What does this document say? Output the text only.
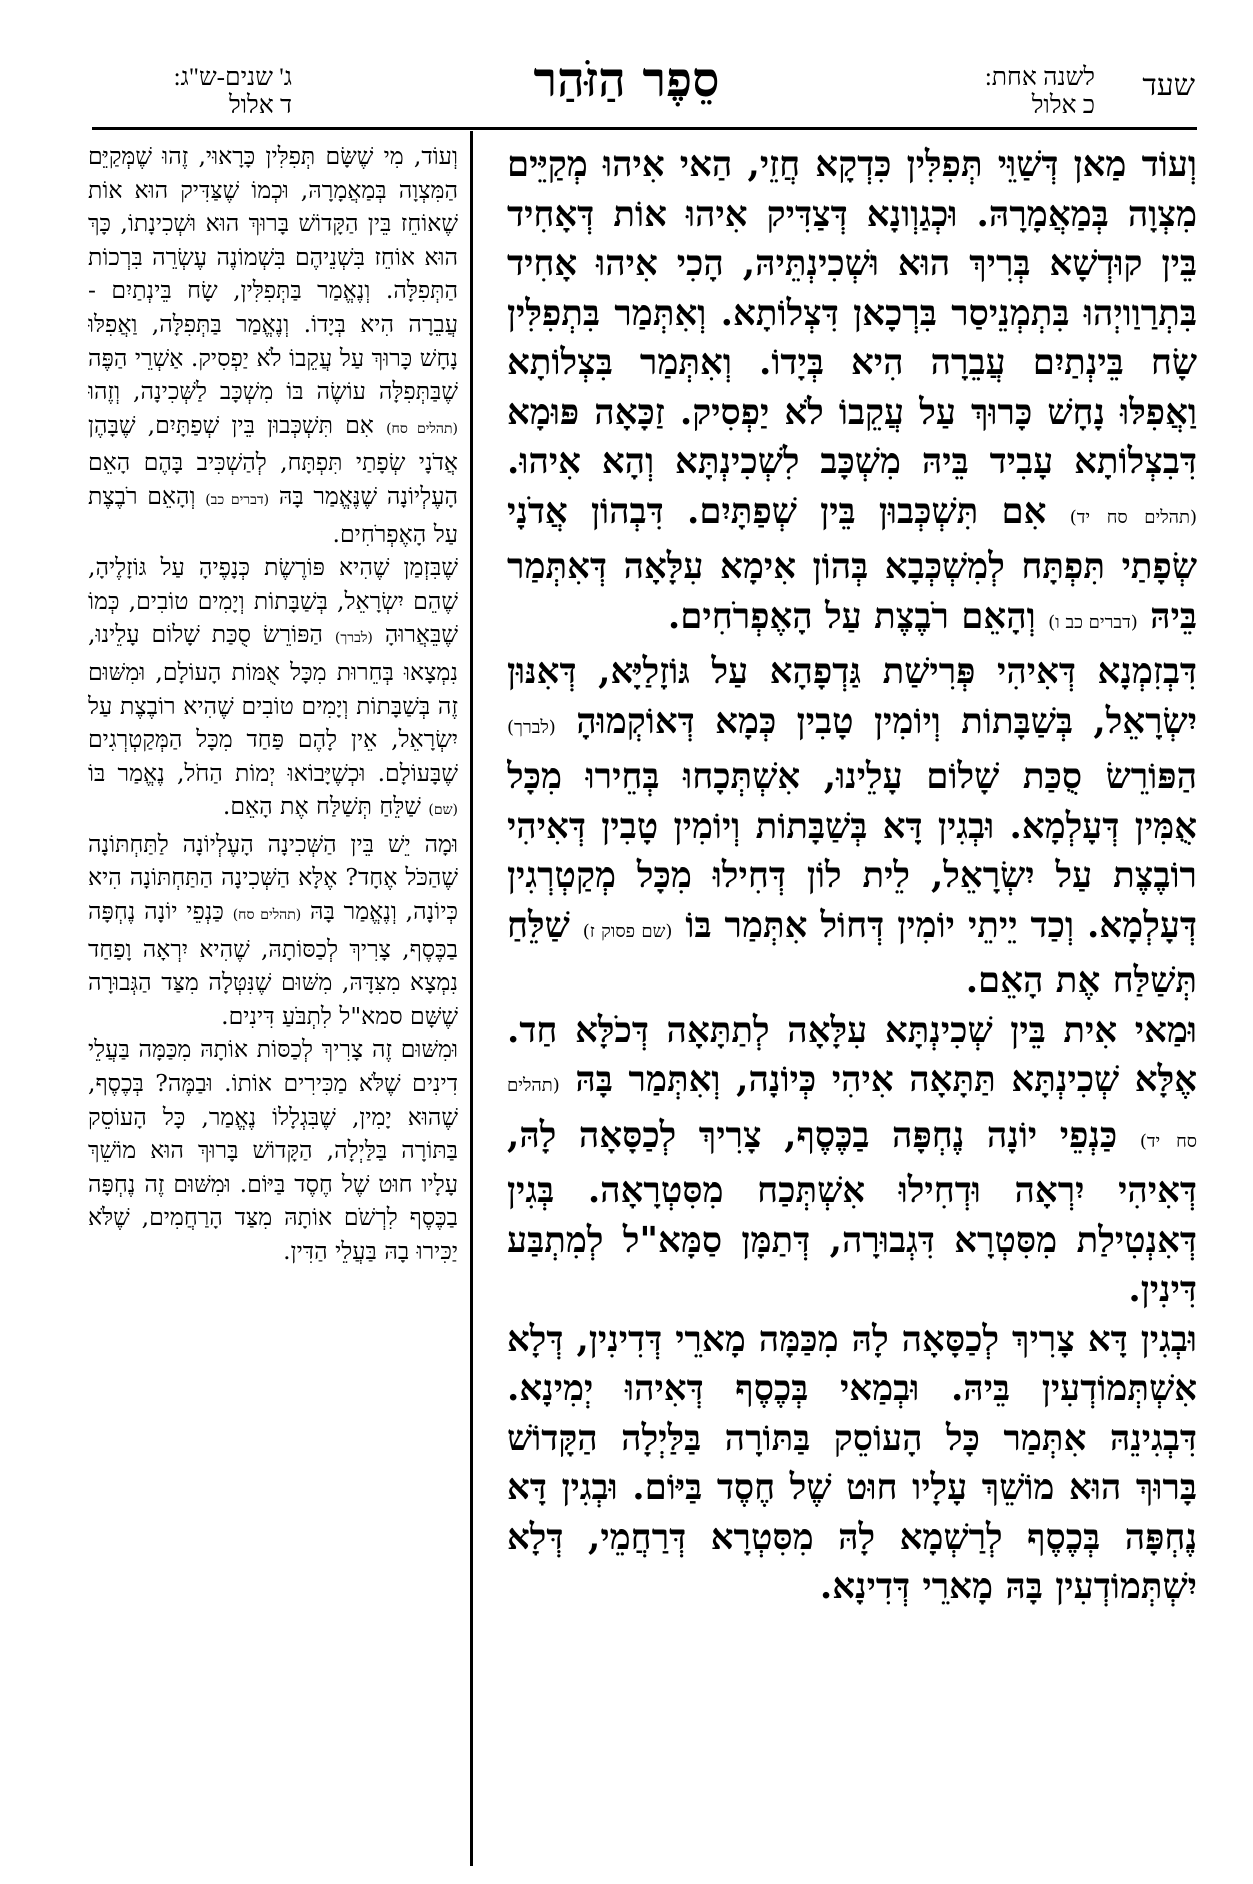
שעד
לשנה אחת:
כ אלול
סֵפֶר הַזֹּהַר
ג' שנים-ש"ג:
ד אלול

וְעוֹד מַאן דְּשַׁוֵּי תְּפִלִּין כִּדְקָא חֲזֵי, הַאי אִיהוּ מְקַיֵּים מִצְוָה בְּמַאֲמָרָהּ. וּכְגַוְונָא דְּצַדִּיק אִיהוּ אוֹת דְּאָחִיד בֵּין קוּדְשָׁא בְּרִיךְ הוּא וּשְׁכִינְתֵּיהּ, הָכִי אִיהוּ אָחִיד בִּתְרַוַויְהוּ בִּתְמְנֵיסַר בִּרְכָאן דִּצְלוֹתָא. וְאִתְּמַר בִּתְפִלִּין שָׂח בֵּינְתַיִם עֲבֵרָה הִיא בְּיָדוֹ. וְאִתְּמַר בִּצְלוֹתָא וַאֲפִלּוּ נָחָשׁ כָּרוּךְ עַל עֲקֵבוֹ לֹא יַפְסִיק. זַכָּאָה פּוּמָא דִּבִצְלוֹתָא עָבִיד בֵּיהּ מִשְׁכָּב לִשְׁכִינְתָּא וְהָא אִיהוּ. (תהלים סח יד) אִם תִּשְׁכְּבוּן בֵּין שְׁפַתָּיִם. דִּבְהוֹן אֲדֹנָי שְׂפָתַי תִּפְתָּח לְמִשְׁכְּבָא בְּהוֹן אִימָא עִלָּאָה דְּאִתְּמַר בֵּיהּ (דברים כב ו) וְהָאֵם רֹבֶצֶת עַל הָאֶפְרֹחִים.

דִּבְזִמְנָא דְּאִיהִי פְּרִישַׁת גַּדְפָהָא עַל גּוֹזָלַיָּא, דְּאִנּוּן יִשְׂרָאֵל, בְּשַׁבָּתוֹת וְיוֹמִין טָבִין כְּמָא דְּאוֹקְמוּהָ (לברך) הַפּוֹרֵשׂ סֻכַּת שָׁלוֹם עָלֵינוּ, אִשְׁתְּכָחוּ בְּחֵירוּ מִכָּל אֻמִּין דְּעָלְמָא. וּבְגִין דָּא בְּשַׁבָּתוֹת וְיוֹמִין טָבִין דְּאִיהִי רוֹבֶצֶת עַל יִשְׂרָאֵל, לֵית לוֹן דְּחִילוּ מִכָּל מְקַטְרְגִין דְּעָלְמָא. וְכַד יֵיתֵי יוֹמִין דְּחוֹל אִתְּמַר בּוֹ (שם פסוק ז) שַׁלֵּחַ תְּשַׁלַּח אֶת הָאֵם.

וּמַאי אִית בֵּין שְׁכִינְתָּא עִלָּאָה לְתַתָּאָה דְּכֹלָּא חַד. אֶלָּא שְׁכִינְתָּא תַּתָּאָה אִיהִי כְּיוֹנָה, וְאִתְּמַר בָּהּ (תהלים סח יד) כַּנְפֵי יוֹנָה נֶחְפָּה בַכֶּסֶף, צָרִיךְ לְכַסָּאָה לָהּ, דְּאִיהִי יִרְאָה וּדְחִילוּ אִשְׁתְּכַח מִסִּטְרָאָה. בְּגִין דְּאִנְטִילַת מִסִּטְרָא דִּגְבוּרָה, דְּתַמָּן סַמָּא"ל לְמִתְבַּע דִּינִין.

וּבְגִין דָּא צָרִיךְ לְכַסָּאָה לָהּ מִכַּמָּה מָארֵי דְּדִינִין, דְּלָא אִשְׁתְּמוֹדְעִין בֵּיהּ. וּבְמַאי בְּכֶסֶף דְּאִיהוּ יְמִינָא. דִּבְגִינֵהּ אִתְּמַר כָּל הָעוֹסֵק בַּתּוֹרָה בַּלַּיְלָה הַקָּדוֹשׁ בָּרוּךְ הוּא מוֹשֵׁךְ עָלָיו חוּט שֶׁל חֶסֶד בַּיּוֹם. וּבְגִין דָּא נֶחְפָּה בְּכֶסֶף לְרַשְׁמָא לָהּ מִסִּטְרָא דְּרַחֲמֵי, דְּלָא יִשְׁתְּמוֹדְעִין בָּהּ מָארֵי דְּדִינָא.

וְעוֹד, מִי שֶׁשָּׂם תְּפִלִּין כָּרָאוּי, זֶהוּ שֶׁמְּקַיֵּם הַמִּצְוָה בְּמַאֲמָרָהּ, וּכְמוֹ שֶׁצַּדִּיק הוּא אוֹת שֶׁאוֹחֵז בֵּין הַקָּדוֹשׁ בָּרוּךְ הוּא וּשְׁכִינָתוֹ, כָּךְ הוּא אוֹחֵז בִּשְׁנֵיהֶם בִּשְׁמוֹנֶה עֶשְׂרֵה בִּרְכוֹת הַתְּפִלָּה. וְנֶאֱמַר בַּתְּפִלִּין, שָׂח בֵּינְתַיִם - עֲבֵרָה הִיא בְּיָדוֹ. וְנֶאֱמַר בַּתְּפִלָּה, וַאֲפִלּוּ נָחָשׁ כָּרוּךְ עַל עֲקֵבוֹ לֹא יַפְסִיק. אַשְׁרֵי הַפֶּה שֶׁבַּתְּפִלָּה עוֹשֶׂה בּוֹ מִשְׁכָּב לַשְּׁכִינָה, וְזֶהוּ (תהלים סח) אִם תִּשְׁכְּבוּן בֵּין שְׁפַתָּיִם, שֶׁבָּהֶן אֲדֹנָי שְׂפָתַי תִּפְתָּח, לְהַשְׁכִּיב בָּהֶם הָאֵם הָעֶלְיוֹנָה שֶׁנֶּאֱמַר בָּהּ (דברים כב) וְהָאֵם רֹבֶצֶת עַל הָאֶפְרֹחִים.

שֶׁבִּזְמַן שֶׁהִיא פּוֹרֶשֶׂת כְּנָפֶיהָ עַל גּוֹזָלֶיהָ, שֶׁהֵם יִשְׂרָאֵל, בְּשַׁבָּתוֹת וְיָמִים טוֹבִים, כְּמוֹ שֶׁבֵּאֲרוּהָ (לברך) הַפּוֹרֵשׂ סֻכַּת שָׁלוֹם עָלֵינוּ, נִמְצָאוּ בְּחֵרוּת מִכָּל אֻמּוֹת הָעוֹלָם, וּמִשּׁוּם זֶה בְּשַׁבָּתוֹת וְיָמִים טוֹבִים שֶׁהִיא רוֹבֶצֶת עַל יִשְׂרָאֵל, אֵין לָהֶם פַּחַד מִכָּל הַמְּקַטְרְגִים שֶׁבָּעוֹלָם. וּכְשֶׁיָּבוֹאוּ יְמוֹת הַחֹל, נֶאֱמַר בּוֹ (שם) שַׁלֵּחַ תְּשַׁלַּח אֶת הָאֵם.

וּמָה יֵשׁ בֵּין הַשְּׁכִינָה הָעֶלְיוֹנָה לַתַּחְתּוֹנָה שֶׁהַכֹּל אֶחָד? אֶלָּא הַשְּׁכִינָה הַתַּחְתּוֹנָה הִיא כְּיוֹנָה, וְנֶאֱמַר בָּהּ (תהלים סח) כַּנְפֵי יוֹנָה נֶחְפָּה בַכֶּסֶף, צָרִיךְ לְכַסּוֹתָהּ, שֶׁהִיא יִרְאָה וָפַחַד נִמְצָא מִצִּדָּהּ, מִשּׁוּם שֶׁנִּטְּלָה מִצַּד הַגְּבוּרָה שֶׁשָּׁם סמא"ל לִתְבֹּעַ דִּינִים.

וּמִשּׁוּם זֶה צָרִיךְ לְכַסּוֹת אוֹתָהּ מִכַּמָּה בַּעֲלֵי דִינִים שֶׁלֹּא מַכִּירִים אוֹתוֹ. וּבַמֶּה? בְּכֶסֶף, שֶׁהוּא יָמִין, שֶׁבִּגְלָלוֹ נֶאֱמַר, כָּל הָעוֹסֵק בַּתּוֹרָה בַּלַּיְלָה, הַקָּדוֹשׁ בָּרוּךְ הוּא מוֹשֵׁךְ עָלָיו חוּט שֶׁל חֶסֶד בַּיּוֹם. וּמִשּׁוּם זֶה נֶחְפָּה בַכֶּסֶף לִרְשֹׁם אוֹתָהּ מִצַּד הָרַחֲמִים, שֶׁלֹּא יַכִּירוּ בָהּ בַּעֲלֵי הַדִּין.
